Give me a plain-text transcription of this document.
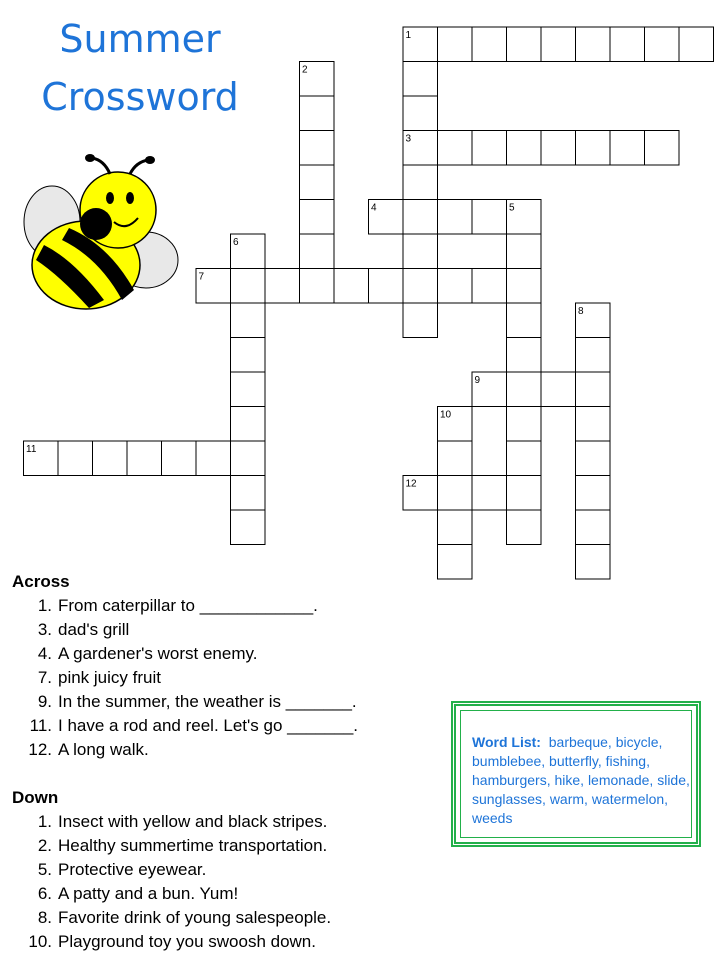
Summer
Crossword
1
2
3
4	5
6
7
8
9
10
11
12
Across
1. From caterpillar to ____________.
3. dad's grill
4. A gardener's worst enemy.
7. pink juicy fruit
9. In the summer, the weather is _______.
11. I have a rod and reel. Let's go _______.
12. A long walk.
Down
1. Insect with yellow and black stripes.
2. Healthy summertime transportation.
5. Protective eyewear.
6. A patty and a bun. Yum!
8. Favorite drink of young salespeople.
10. Playground toy you swoosh down.
Word List: barbeque, bicycle, bumblebee, butterfly, fishing, hamburgers, hike, lemonade, slide, sunglasses, warm, watermelon, weeds
